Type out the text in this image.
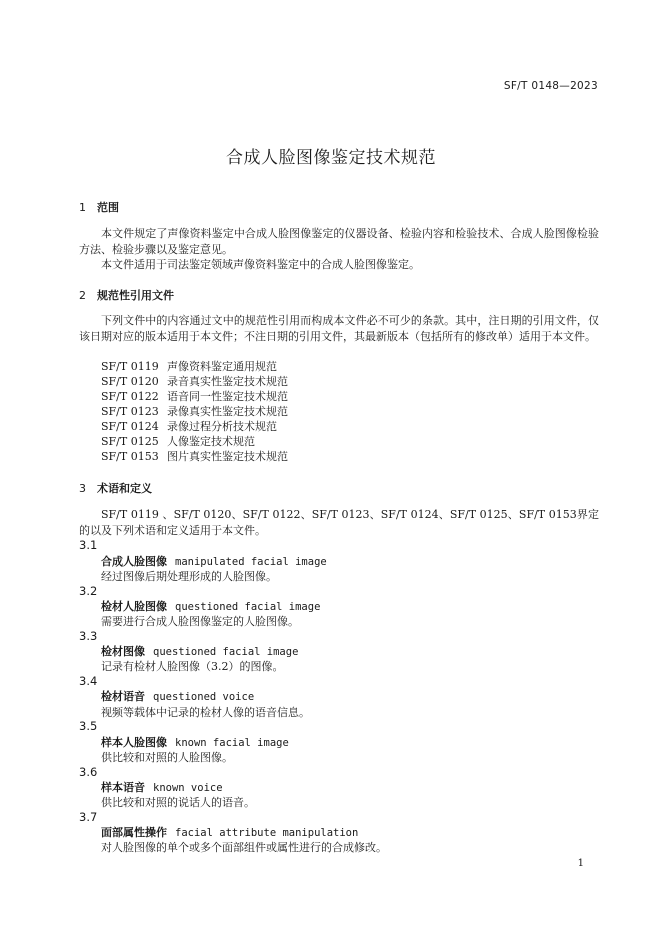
SF/T 0148—2023
合成人脸图像鉴定技术规范
1 范围
本文件规定了声像资料鉴定中合成人脸图像鉴定的仪器设备、检验内容和检验技术、合成人脸图像检验方法、检验步骤以及鉴定意见。
本文件适用于司法鉴定领域声像资料鉴定中的合成人脸图像鉴定。
2 规范性引用文件
下列文件中的内容通过文中的规范性引用而构成本文件必不可少的条款。其中，注日期的引用文件，仅该日期对应的版本适用于本文件；不注日期的引用文件，其最新版本（包括所有的修改单）适用于本文件。
SF/T 0119 声像资料鉴定通用规范
SF/T 0120 录音真实性鉴定技术规范
SF/T 0122 语音同一性鉴定技术规范
SF/T 0123 录像真实性鉴定技术规范
SF/T 0124 录像过程分析技术规范
SF/T 0125 人像鉴定技术规范
SF/T 0153 图片真实性鉴定技术规范
3 术语和定义
SF/T 0119 、SF/T 0120、SF/T 0122、SF/T 0123、SF/T 0124、SF/T 0125、SF/T 0153界定的以及下列术语和定义适用于本文件。
3.1
合成人脸图像 manipulated facial image
经过图像后期处理形成的人脸图像。
3.2
检材人脸图像 questioned facial image
需要进行合成人脸图像鉴定的人脸图像。
3.3
检材图像 questioned facial image
记录有检材人脸图像（3.2）的图像。
3.4
检材语音 questioned voice
视频等载体中记录的检材人像的语音信息。
3.5
样本人脸图像 known facial image
供比较和对照的人脸图像。
3.6
样本语音 known voice
供比较和对照的说话人的语音。
3.7
面部属性操作 facial attribute manipulation
对人脸图像的单个或多个面部组件或属性进行的合成修改。
1
